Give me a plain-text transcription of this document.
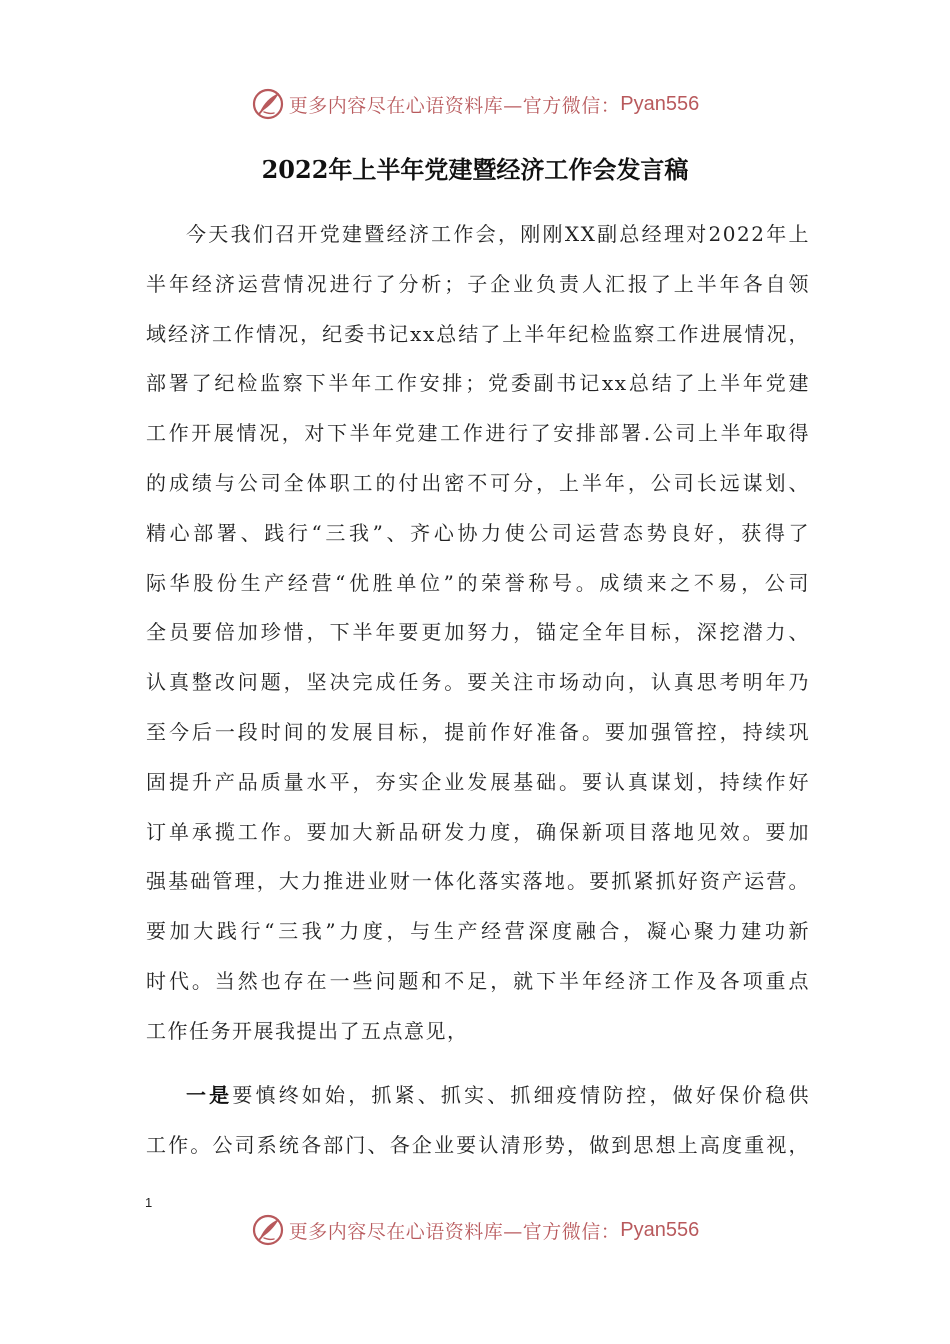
更多内容尽在心语资料库—官方微信： Pyan556
2022年上半年党建暨经济工作会发言稿
今天我们召开党建暨经济工作会，刚刚XX副总经理对2022年上
半年经济运营情况进行了分析；子企业负责人汇报了上半年各自领
域经济工作情况，纪委书记xx总结了上半年纪检监察工作进展情况，
部署了纪检监察下半年工作安排；党委副书记xx总结了上半年党建
工作开展情况，对下半年党建工作进行了安排部署.公司上半年取得
的成绩与公司全体职工的付出密不可分，上半年，公司长远谋划、
精心部署、践行“三我”、齐心协力使公司运营态势良好，获得了
际华股份生产经营“优胜单位”的荣誉称号。成绩来之不易，公司
全员要倍加珍惜，下半年要更加努力，锚定全年目标，深挖潜力、
认真整改问题，坚决完成任务。要关注市场动向，认真思考明年乃
至今后一段时间的发展目标，提前作好准备。要加强管控，持续巩
固提升产品质量水平，夯实企业发展基础。要认真谋划，持续作好
订单承揽工作。要加大新品研发力度，确保新项目落地见效。要加
强基础管理，大力推进业财一体化落实落地。要抓紧抓好资产运营。
要加大践行“三我”力度，与生产经营深度融合，凝心聚力建功新
时代。当然也存在一些问题和不足，就下半年经济工作及各项重点
工作任务开展我提出了五点意见，
一是要慎终如始，抓紧、抓实、抓细疫情防控，做好保价稳供
工作。公司系统各部门、各企业要认清形势，做到思想上高度重视，
1
更多内容尽在心语资料库—官方微信： Pyan556
